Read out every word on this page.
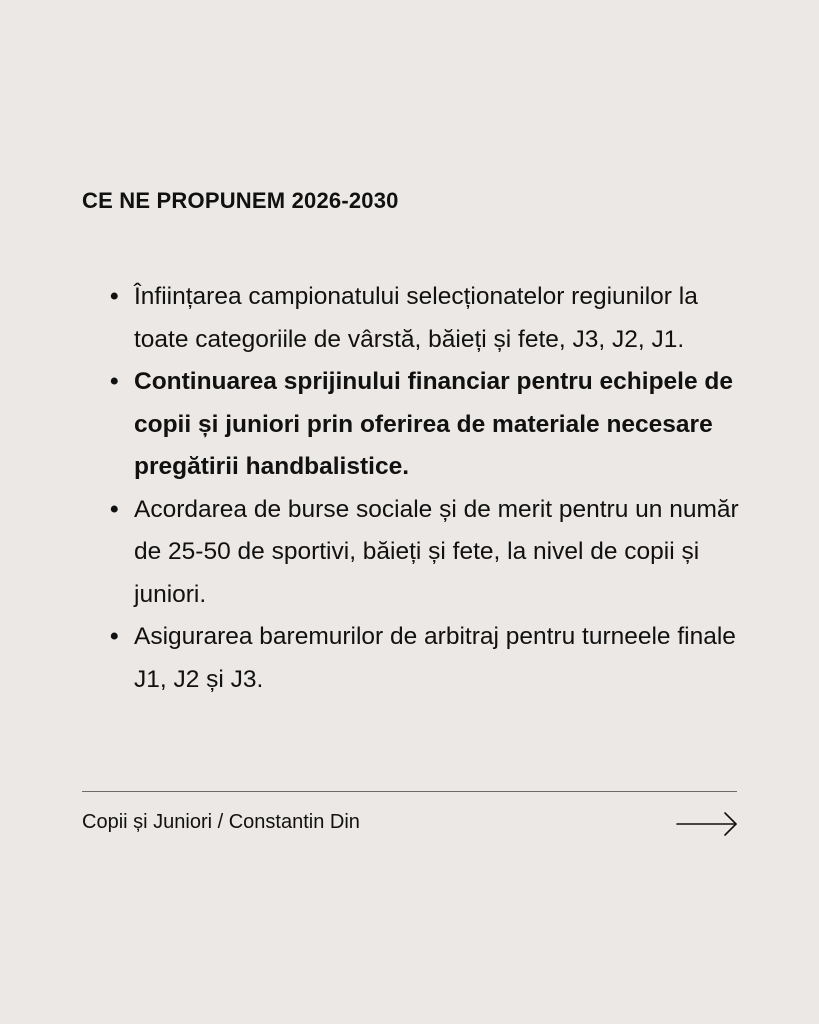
CE NE PROPUNEM 2026-2030
• Înființarea campionatului selecționatelor regiunilor la toate categoriile de vârstă, băieți și fete, J3, J2, J1.
• Continuarea sprijinului financiar pentru echipele de copii și juniori prin oferirea de materiale necesare pregătirii handbalistice.
• Acordarea de burse sociale și de merit pentru un număr de 25-50 de sportivi, băieți și fete, la nivel de copii și juniori.
• Asigurarea baremurilor de arbitraj pentru turneele finale J1, J2 și J3.
Copii și Juniori / Constantin Din
